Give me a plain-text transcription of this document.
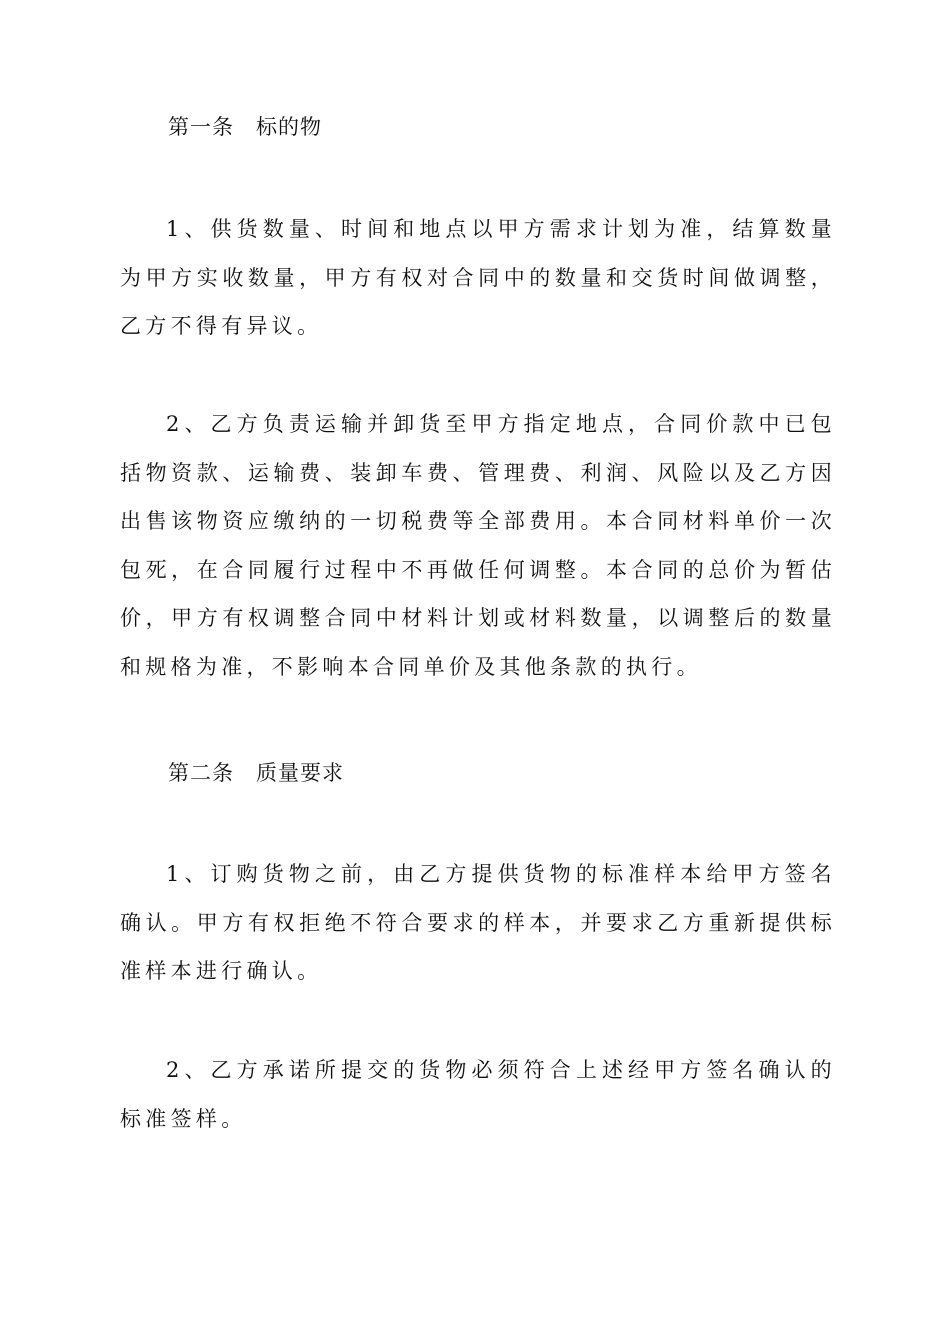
第一条　标的物

1、供货数量、时间和地点以甲方需求计划为准，结算数量为甲方实收数量，甲方有权对合同中的数量和交货时间做调整，乙方不得有异议。

2、乙方负责运输并卸货至甲方指定地点，合同价款中已包括物资款、运输费、装卸车费、管理费、利润、风险以及乙方因出售该物资应缴纳的一切税费等全部费用。本合同材料单价一次包死，在合同履行过程中不再做任何调整。本合同的总价为暂估价，甲方有权调整合同中材料计划或材料数量，以调整后的数量和规格为准，不影响本合同单价及其他条款的执行。

第二条　质量要求

1、订购货物之前，由乙方提供货物的标准样本给甲方签名确认。甲方有权拒绝不符合要求的样本，并要求乙方重新提供标准样本进行确认。

2、乙方承诺所提交的货物必须符合上述经甲方签名确认的标准签样。
